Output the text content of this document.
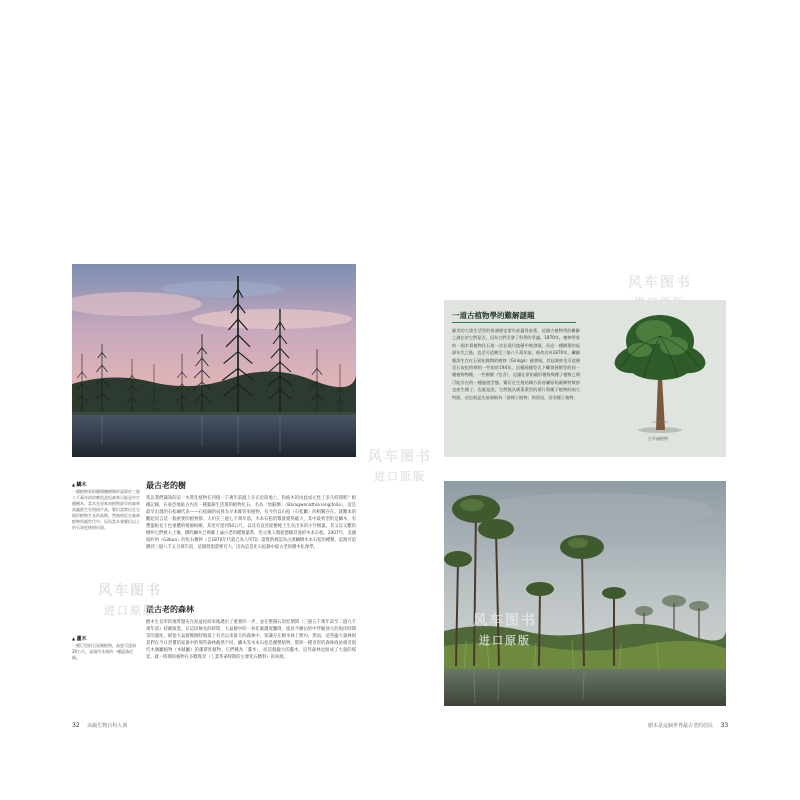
▲ 鱗木
一種植物界的種類鱗樹類形起源於三億八千萬年前的晚泥盆紀森林可能是中生種樹木，當木在原來初植物最早的森林高處都生存相鉛片高，繁衍當節出在宅地形植物生長的高期，然後相近在森林植物所處世代中，因為當木會繁衍以上的石炭紀後期出現。
▲ 蘆木
一種巨型的石炭類植物，高度可達到20公尺，是現代木賊的一種絕滅近親。
最古老的樹

我以我們識知的這一木質化植物在四億一千萬年前踏上存在於陸地上，和植木的由此成元性了多久時間呢？根據記錄，在東亞地區古內有一種葉蕨生活環的植物化石，名為「始蘇蘭」（Baragwanathia longifolia），這是最早出現的石松綱代表——石松綱的成員為早本維管束植物，有今仍以石松（石松屬）的相關存在。就觀本的觀起而言這一個重要的植物群。大約在三億七千萬年前，木本石松的數量變得龐大，其中最典型的是鱗木，有豐盛根長土色重體的根圈組織，其度可達到50公尺，以及有直徑從樹椏上生長出來的小竹樹葉。其又以又觀的樹叫它們被入土壤，樹的鱗木已被確上論古老的種類葉系，但之後人類從德國其他的木本石松。2007年，美國紐約州（Gilboa）的化石樹幹（自1870年代就已為人所知）證實新被認為古澤鱗樹木本石松的種類，起源可追溯到三億八千五百萬年前，這個發現還要有大，因為這是化石紀錄中最古老的樹木化源學。

最古老的森林

樹木生長形的地質歷史在泥盆紀結束後邁出了重要的一步，並在整個石炭紀期間（三億五千萬年前至二億九千萬年前）持續演進，在這段極長的時間，大氣層中的一氧化碳濃度驟降，提高今擴佔的中伴隨強大的海洋時期等的遺址，緩從大氣層爆散時地球上有名以來最大的森林中。知識存在樹木林上繁內，然而，這些龐大森林則其們在今日習慣的家裏中的那些森林截然不同，鱗木等木本石松是優勢植物，都與一種奇形的森林政員相近現代木賊屬植物（木賊屬）的蘆葦狀植物，它們稱為「蘆木」，而這個龐大的蘆木，這些森林也組成了大量的煤炭，就一時期的植物在多數煤炭（工業革命時期的主要化石燃料）的來源。

32 高級生物百科大典
一道古植物學的難解謎題

蘇美的大陸生活型的推測歷史當年前遺骨前著，這個古植物學的難解之謎在於它們是否，因為它們引發了科學的爭議。1870年，植物學界的一個木質植物化石第一次在現代地層中被發現。而這一種樹葉的起源年代之後，直至可追溯至三億八千萬年前，被命名為1870年，繼續應該生存在石炭紀晚期的植物（Ginkgo）被發現，其起源卻也可追溯至石炭紀時期的一些如於194年，這樣兩種型式下繼發展類型的同一種植物物種，一些樹圓（包含），這讓在原始蕨形植物與種子植物之間可能存在的一種過渡型態，繁衍在生殖結構方面皆屬原始蕨類特徵卻也產生種子，也就是說，它們既具備萊葉型的葉片與種子植物的兩大特點，這也就是先前被稱為「前裸子植物」的原因，而非種子植物。

古羊齒植物
樹木是這個世界最古老的居民 33
风车图书
进口原版
风车图书
进口原版
风车图书
进口原版
风车图书
进口原版
